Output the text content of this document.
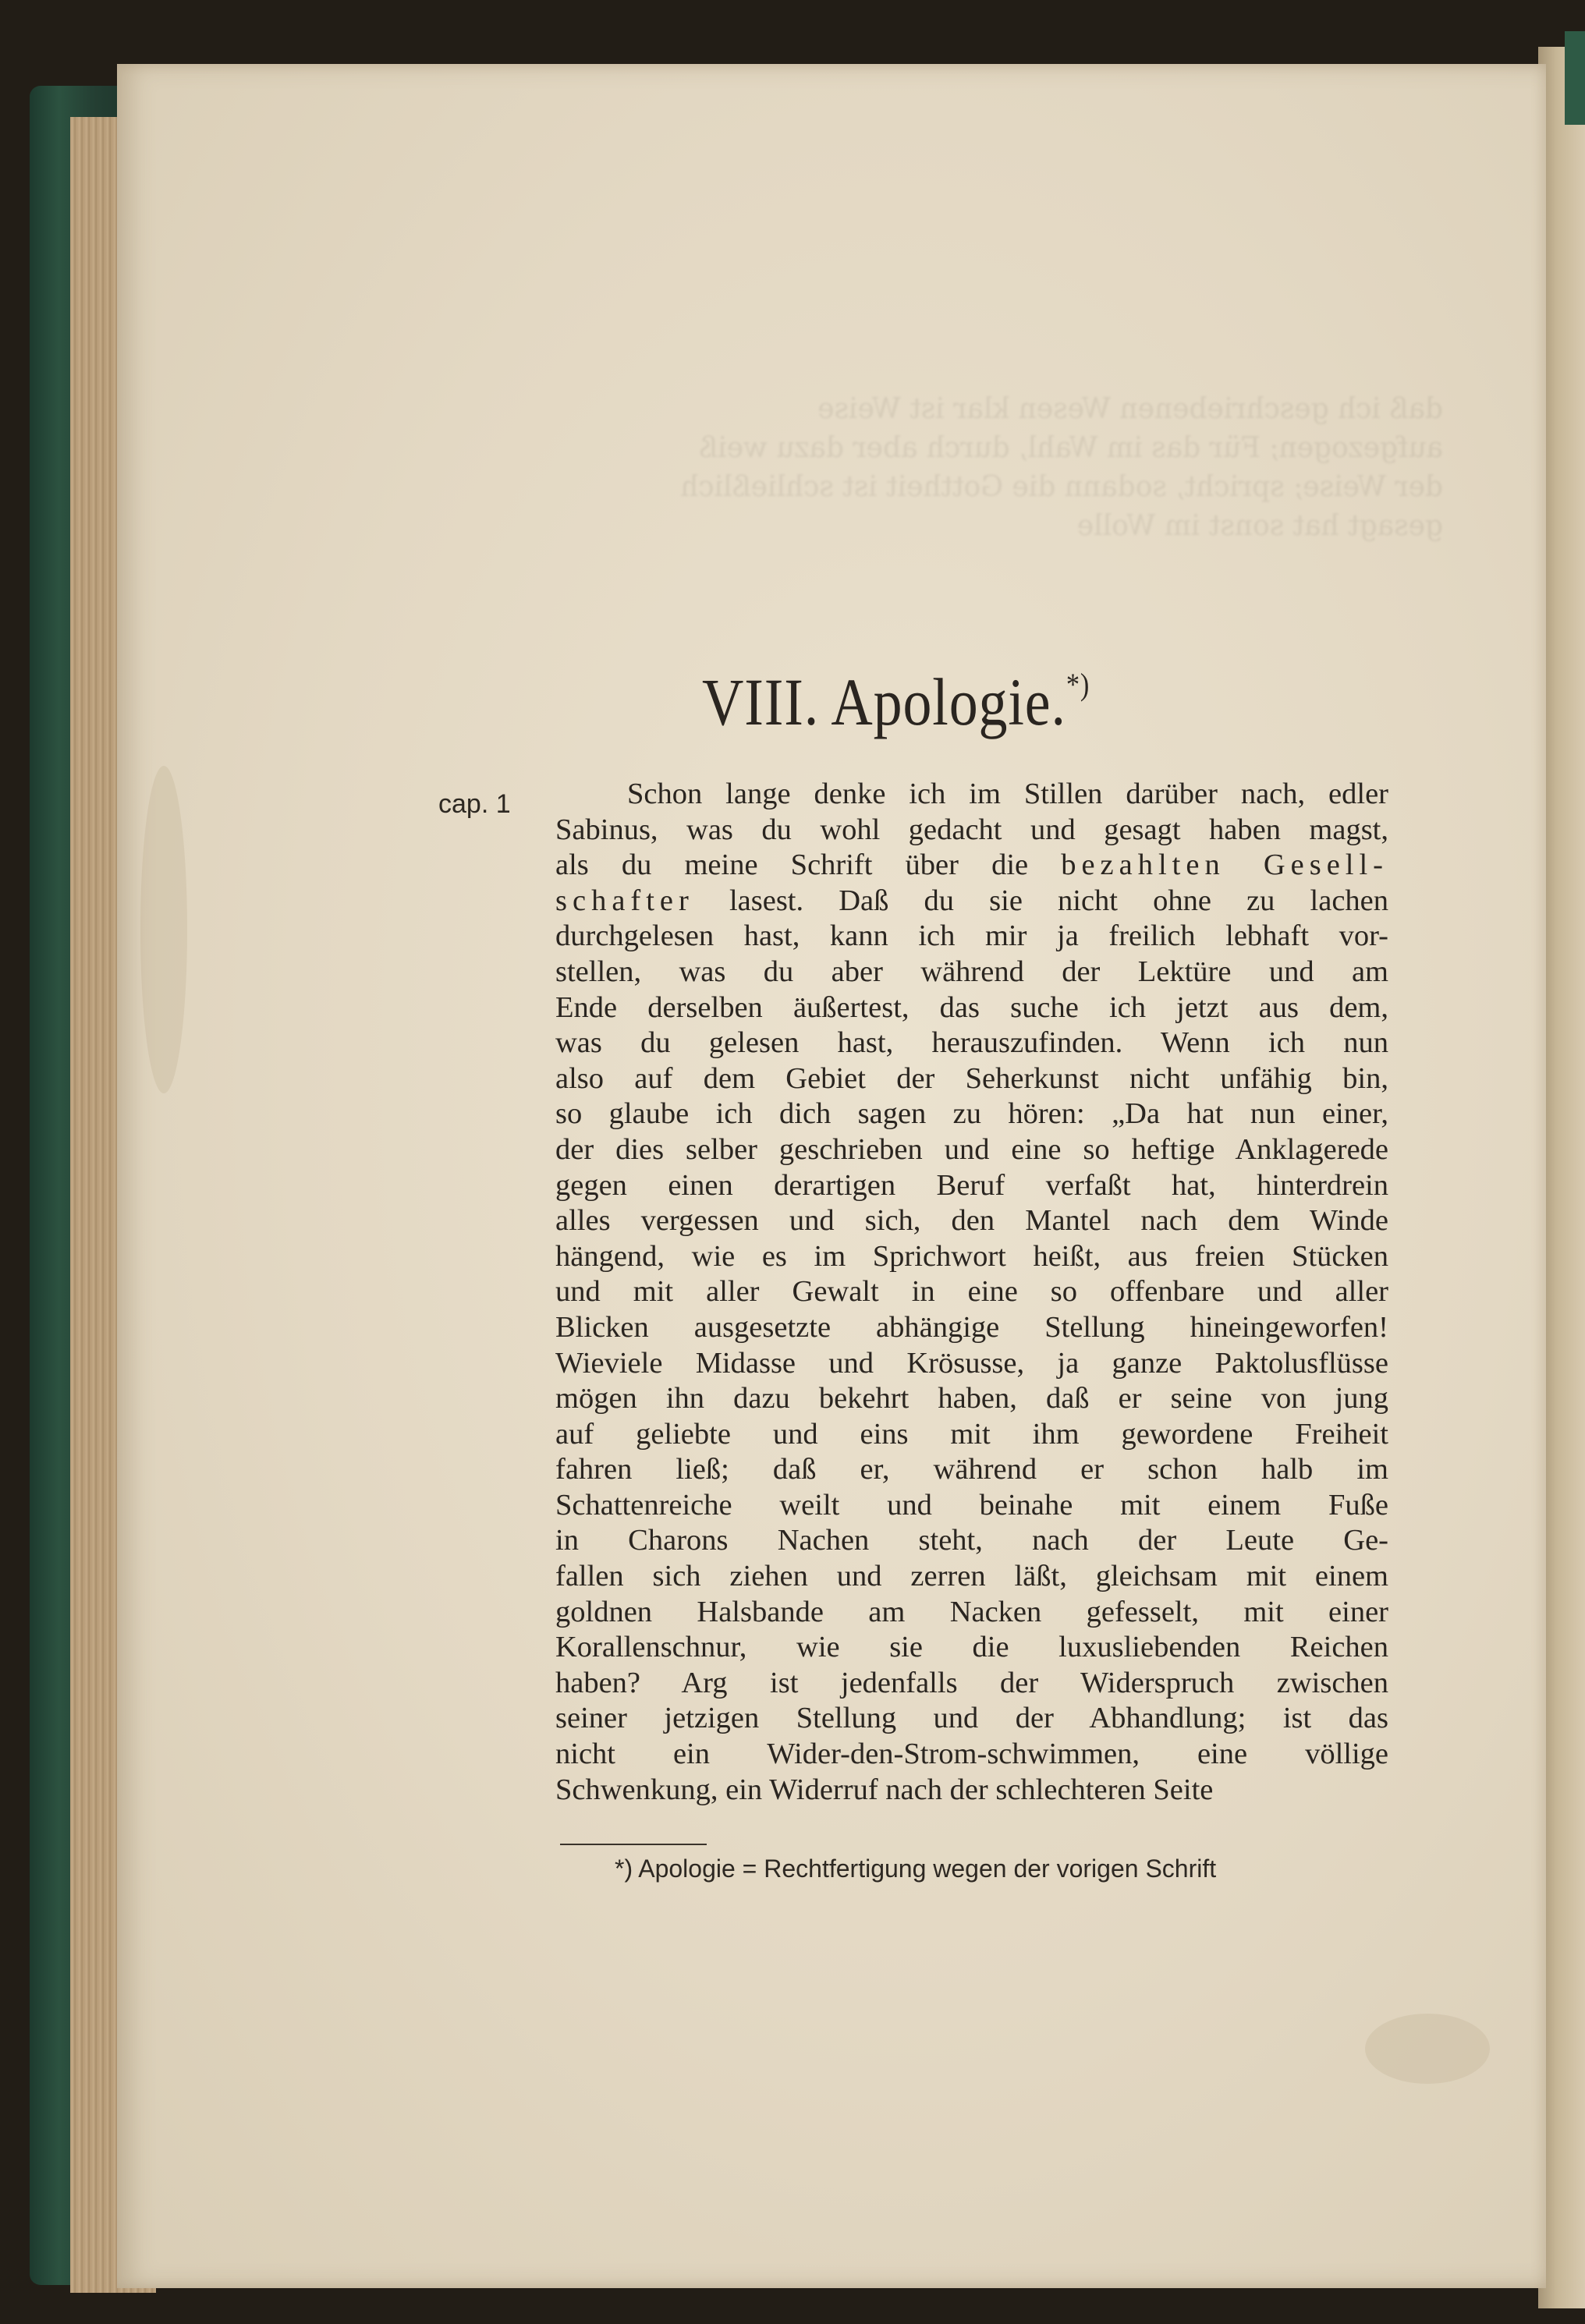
daß ich geschriebenen Wesen klar ist Weise
aufgezogen; Für das im Wahl, durch aber dazu weiß
der Weise; spricht, sodann die Gottheit ist schließlich
gesagt hat sonst im Wolle
VIII. Apologie.*)
cap. 1	Schon lange denke ich im Stillen darüber nach, edler
Sabinus, was du wohl gedacht und gesagt haben magst,
als du meine Schrift über die bezahlten Gesell-
schafter lasest. Daß du sie nicht ohne zu lachen
durchgelesen hast, kann ich mir ja freilich lebhaft vor-
stellen, was du aber während der Lektüre und am
Ende derselben äußertest, das suche ich jetzt aus dem,
was du gelesen hast, herauszufinden. Wenn ich nun
also auf dem Gebiet der Seherkunst nicht unfähig bin,
so glaube ich dich sagen zu hören: „Da hat nun einer,
der dies selber geschrieben und eine so heftige Anklagerede
gegen einen derartigen Beruf verfaßt hat, hinterdrein
alles vergessen und sich, den Mantel nach dem Winde
hängend, wie es im Sprichwort heißt, aus freien Stücken
und mit aller Gewalt in eine so offenbare und aller
Blicken ausgesetzte abhängige Stellung hineingeworfen!
Wieviele Midasse und Krösusse, ja ganze Paktolusflüsse
mögen ihn dazu bekehrt haben, daß er seine von jung
auf geliebte und eins mit ihm gewordene Freiheit
fahren ließ; daß er, während er schon halb im
Schattenreiche weilt und beinahe mit einem Fuße
in Charons Nachen steht, nach der Leute Ge-
fallen sich ziehen und zerren läßt, gleichsam mit einem
goldnen Halsbande am Nacken gefesselt, mit einer
Korallenschnur, wie sie die luxusliebenden Reichen
haben? Arg ist jedenfalls der Widerspruch zwischen
seiner jetzigen Stellung und der Abhandlung; ist das
nicht ein Wider-den-Strom-schwimmen, eine völlige
Schwenkung, ein Widerruf nach der schlechteren Seite
*) Apologie = Rechtfertigung wegen der vorigen Schrift
